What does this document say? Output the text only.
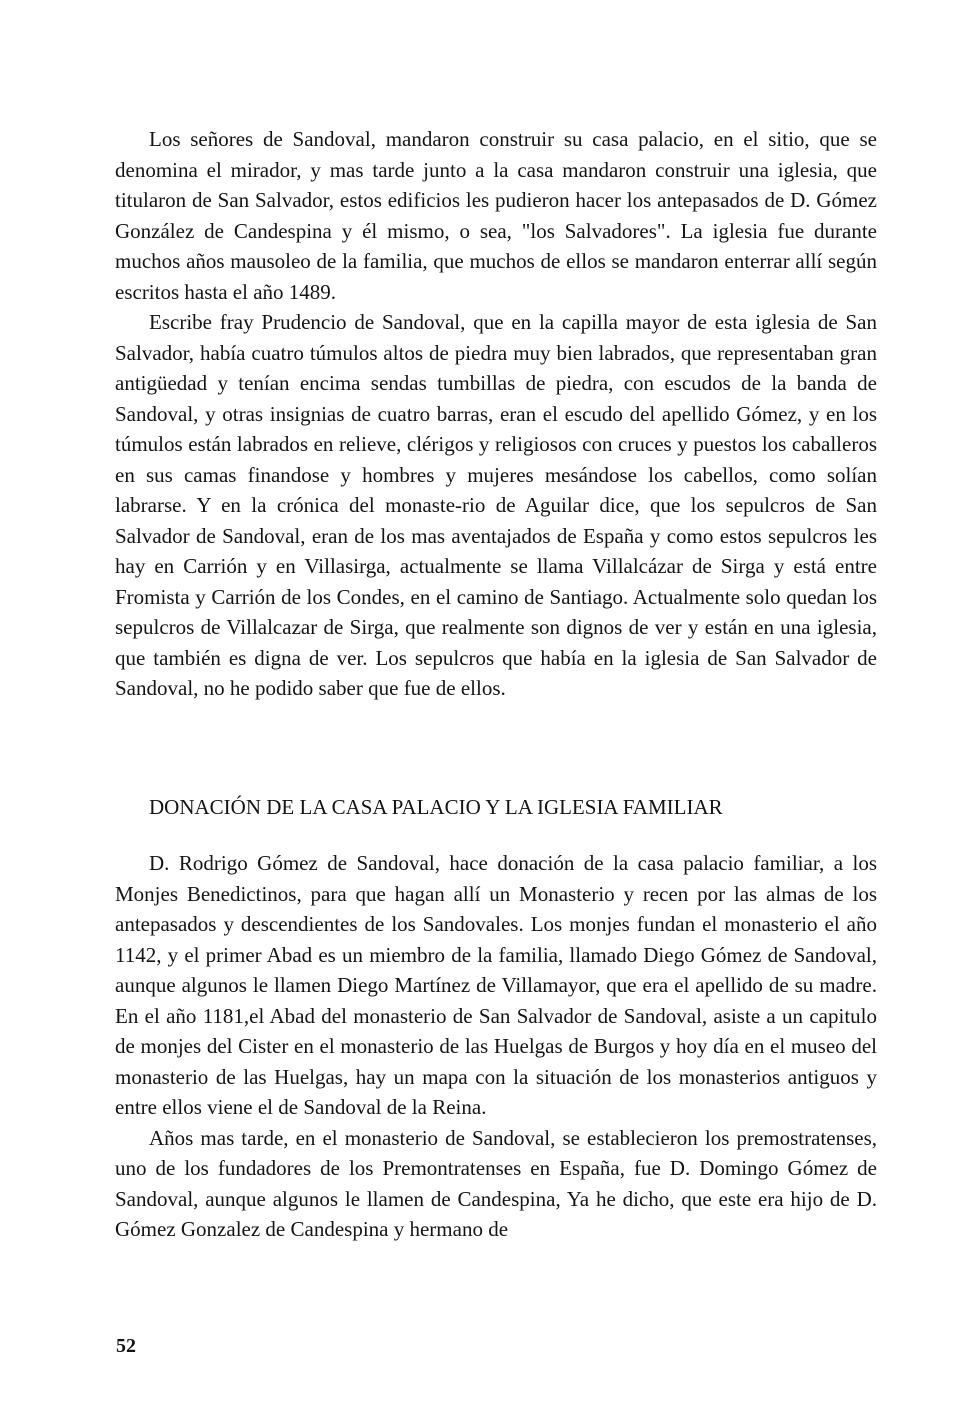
Los señores de Sandoval, mandaron construir su casa palacio, en el sitio, que se denomina el mirador, y mas tarde junto a la casa mandaron construir una iglesia, que titularon de San Salvador, estos edificios les pudieron hacer los antepasados de D. Gómez González de Candespina y él mismo, o sea, "los Salvadores". La iglesia fue durante muchos años mausoleo de la familia, que muchos de ellos se mandaron enterrar allí según escritos hasta el año 1489.

Escribe fray Prudencio de Sandoval, que en la capilla mayor de esta iglesia de San Salvador, había cuatro túmulos altos de piedra muy bien labrados, que representaban gran antigüedad y tenían encima sendas tumbillas de piedra, con escudos de la banda de Sandoval, y otras insignias de cuatro barras, eran el escudo del apellido Gómez, y en los túmulos están labrados en relieve, clérigos y religiosos con cruces y puestos los caballeros en sus camas finandose y hombres y mujeres mesándose los cabellos, como solían labrarse. Y en la crónica del monaste-rio de Aguilar dice, que los sepulcros de San Salvador de Sandoval, eran de los mas aventajados de España y como estos sepulcros les hay en Carrión y en Villasirga, actualmente se llama Villalcázar de Sirga y está entre Fromista y Carrión de los Condes, en el camino de Santiago. Actualmente solo quedan los sepulcros de Villalcazar de Sirga, que realmente son dignos de ver y están en una iglesia, que también es digna de ver. Los sepulcros que había en la iglesia de San Salvador de Sandoval, no he podido saber que fue de ellos.

DONACIÓN DE LA CASA PALACIO Y LA IGLESIA FAMILIAR

D. Rodrigo Gómez de Sandoval, hace donación de la casa palacio familiar, a los Monjes Benedictinos, para que hagan allí un Monasterio y recen por las almas de los antepasados y descendientes de los Sandovales. Los monjes fundan el monasterio el año 1142, y el primer Abad es un miembro de la familia, llamado Diego Gómez de Sandoval, aunque algunos le llamen Diego Martínez de Villamayor, que era el apellido de su madre. En el año 1181,el Abad del monasterio de San Salvador de Sandoval, asiste a un capitulo de monjes del Cister en el monasterio de las Huelgas de Burgos y hoy día en el museo del monasterio de las Huelgas, hay un mapa con la situación de los monasterios antiguos y entre ellos viene el de Sandoval de la Reina.

Años mas tarde, en el monasterio de Sandoval, se establecieron los premostratenses, uno de los fundadores de los Premontratenses en España, fue D. Domingo Gómez de Sandoval, aunque algunos le llamen de Candespina, Ya he dicho, que este era hijo de D. Gómez Gonzalez de Candespina y hermano de

52
